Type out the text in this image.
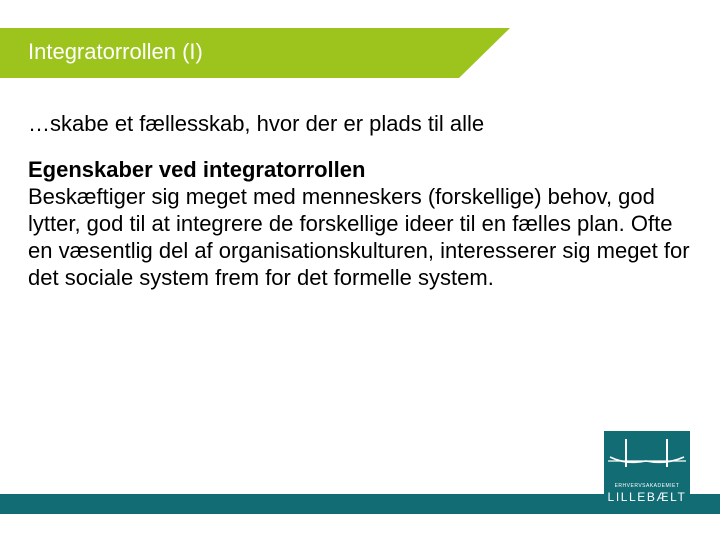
Integratorrollen (I)
…skabe et fællesskab, hvor der er plads til alle
Egenskaber ved integratorrollen
Beskæftiger sig meget med menneskers (forskellige) behov, god lytter, god til at integrere de forskellige ideer til en fælles plan. Ofte en væsentlig del af organisationskulturen, interesserer sig meget for det sociale system frem for det formelle system.
ERHVERVSAKADEMIET
LILLEBÆLT
